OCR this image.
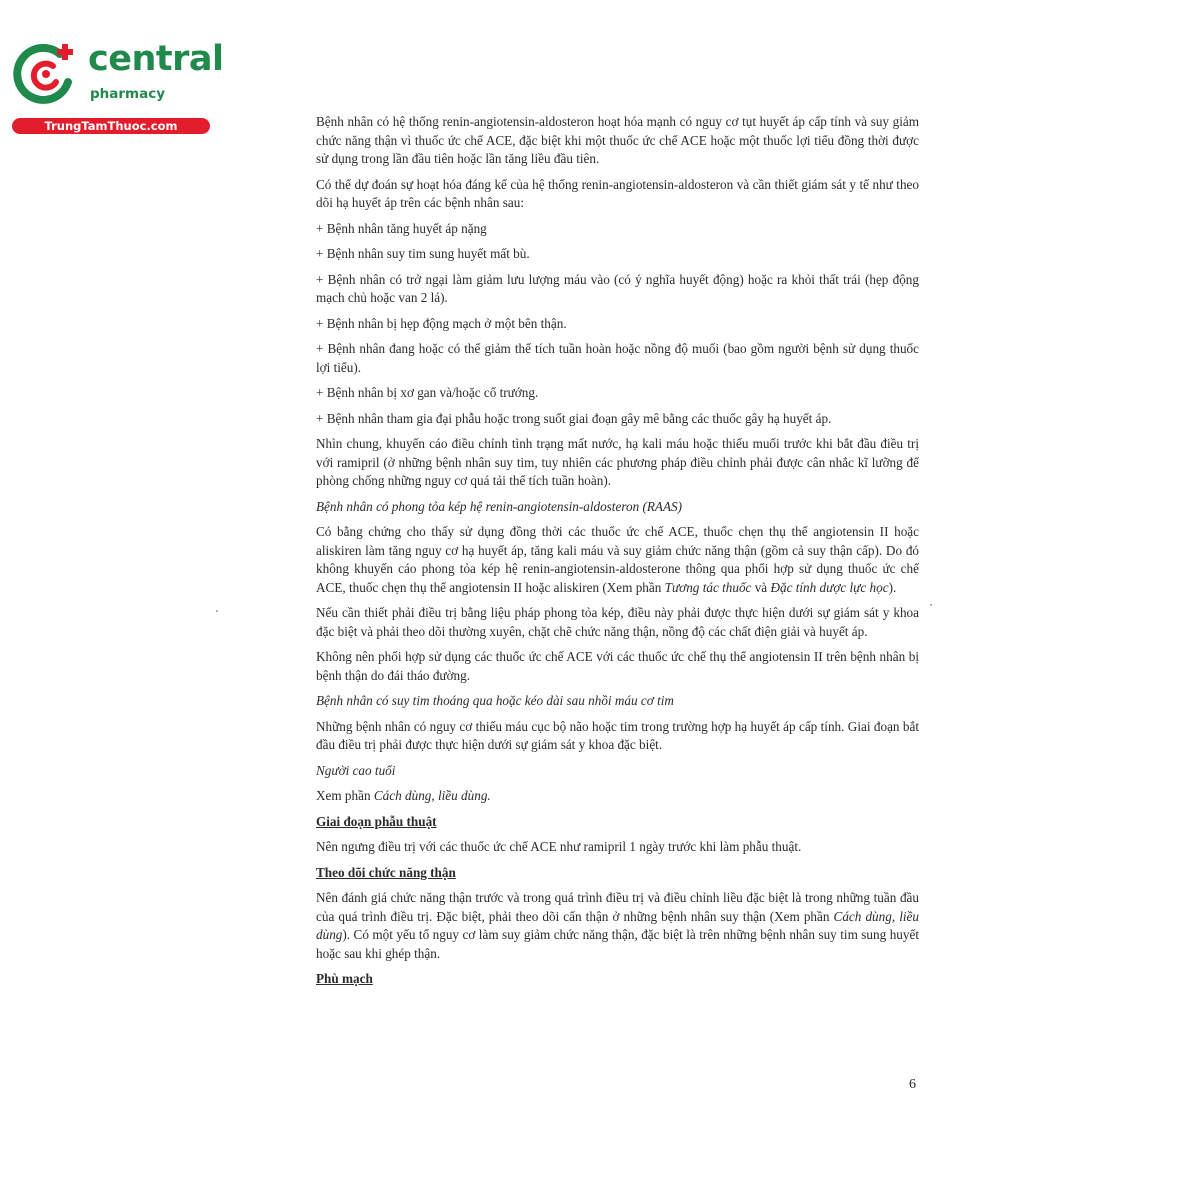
central
pharmacy
TrungTamThuoc.com	Bệnh nhân có hệ thống renin-angiotensin-aldosteron hoạt hóa mạnh có nguy cơ tụt huyết áp cấp tính và suy giảm chức năng thận vì thuốc ức chế ACE, đặc biệt khi một thuốc ức chế ACE hoặc một thuốc lợi tiểu đồng thời được sử dụng trong lần đầu tiên hoặc lần tăng liều đầu tiên.

Có thể dự đoán sự hoạt hóa đáng kể của hệ thống renin-angiotensin-aldosteron và cần thiết giám sát y tế như theo dõi hạ huyết áp trên các bệnh nhân sau:

+ Bệnh nhân tăng huyết áp nặng

+ Bệnh nhân suy tim sung huyết mất bù.

+ Bệnh nhân có trở ngại làm giảm lưu lượng máu vào (có ý nghĩa huyết động) hoặc ra khỏi thất trái (hẹp động mạch chủ hoặc van 2 lá).

+ Bệnh nhân bị hẹp động mạch ở một bên thận.

+ Bệnh nhân đang hoặc có thể giảm thể tích tuần hoàn hoặc nồng độ muối (bao gồm người bệnh sử dụng thuốc lợi tiểu).

+ Bệnh nhân bị xơ gan và/hoặc cổ trướng.

+ Bệnh nhân tham gia đại phẫu hoặc trong suốt giai đoạn gây mê bằng các thuốc gây hạ huyết áp.

Nhìn chung, khuyến cáo điều chỉnh tình trạng mất nước, hạ kali máu hoặc thiếu muối trước khi bắt đầu điều trị với ramipril (ở những bệnh nhân suy tim, tuy nhiên các phương pháp điều chỉnh phải được cân nhắc kĩ lưỡng để phòng chống những nguy cơ quá tải thể tích tuần hoàn).

Bệnh nhân có phong tỏa kép hệ renin-angiotensin-aldosteron (RAAS)

Có bằng chứng cho thấy sử dụng đồng thời các thuốc ức chế ACE, thuốc chẹn thụ thể angiotensin II hoặc aliskiren làm tăng nguy cơ hạ huyết áp, tăng kali máu và suy giảm chức năng thận (gồm cả suy thận cấp). Do đó không khuyến cáo phong tỏa kép hệ renin-angiotensin-aldosterone thông qua phối hợp sử dụng thuốc ức chế ACE, thuốc chẹn thụ thể angiotensin II hoặc aliskiren (Xem phần Tương tác thuốc và Đặc tính dược lực học).

Nếu cần thiết phải điều trị bằng liệu pháp phong tỏa kép, điều này phải được thực hiện dưới sự giám sát y khoa đặc biệt và phải theo dõi thường xuyên, chặt chẽ chức năng thận, nồng độ các chất điện giải và huyết áp.

Không nên phối hợp sử dụng các thuốc ức chế ACE với các thuốc ức chế thụ thể angiotensin II trên bệnh nhân bị bệnh thận do đái tháo đường.

Bệnh nhân có suy tim thoáng qua hoặc kéo dài sau nhồi máu cơ tim

Những bệnh nhân có nguy cơ thiếu máu cục bộ não hoặc tim trong trường hợp hạ huyết áp cấp tính. Giai đoạn bắt đầu điều trị phải được thực hiện dưới sự giám sát y khoa đặc biệt.

Người cao tuổi

Xem phần Cách dùng, liều dùng.

Giai đoạn phẫu thuật

Nên ngưng điều trị với các thuốc ức chế ACE như ramipril 1 ngày trước khi làm phẫu thuật.

Theo dõi chức năng thận

Nên đánh giá chức năng thận trước và trong quá trình điều trị và điều chỉnh liều đặc biệt là trong những tuần đầu của quá trình điều trị. Đặc biệt, phải theo dõi cẩn thận ở những bệnh nhân suy thận (Xem phần Cách dùng, liều dùng). Có một yếu tố nguy cơ làm suy giảm chức năng thận, đặc biệt là trên những bệnh nhân suy tim sung huyết hoặc sau khi ghép thận.

Phù mạch

6
